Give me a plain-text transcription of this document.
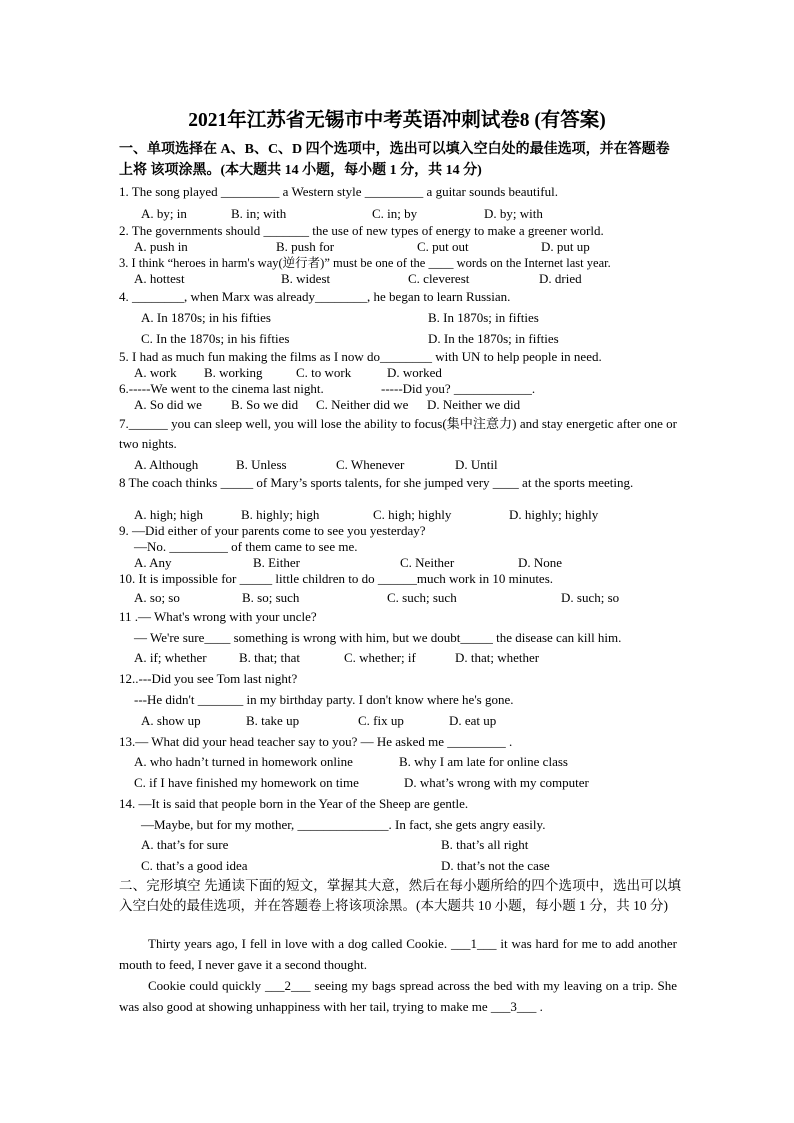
2021年江苏省无锡市中考英语冲刺试卷8 (有答案)
一、单项选择在 A、B、C、D 四个选项中，选出可以填入空白处的最佳选项，并在答题卷上将 该项涂黑。(本大题共 14 小题，每小题 1 分，共 14 分)
1. The song played _________ a Western style _________ a guitar sounds beautiful.
A. by; in	B. in; with	C. in; by	D. by; with
2. The governments should _______ the use of new types of energy to make a greener world.
A. push in	B. push for	C. put out	D. put up
3. I think “heroes in harm's way(逆行者)” must be one of the ____ words on the Internet last year.
A. hottest	B. widest	C. cleverest	D. dried
4. ________, when Marx was already________, he began to learn Russian.
A. In 1870s; in his fifties	B. In 1870s; in fifties
C. In the 1870s; in his fifties	D. In the 1870s; in fifties
5. I had as much fun making the films as I now do________ with UN to help people in need.
A. work B. working	C. to work	D. worked
6.-----We went to the cinema last night.	-----Did you? ____________.
A. So did we B. So we did C. Neither did we D. Neither we did
7.______ you can sleep well, you will lose the ability to focus(集中注意力) and stay energetic after one or two nights.
A. Although	B. Unless	C. Whenever	D. Until
8 The coach thinks _____ of Mary’s sports talents, for she jumped very ____ at the sports meeting.
A. high; high	B. highly; high	C. high; highly	D. highly; highly
9. —Did either of your parents come to see you yesterday?
—No. _________ of them came to see me.
A. Any	B. Either	C. Neither	D. None
10. It is impossible for _____ little children to do ______much work in 10 minutes.
A. so; so	B. so; such	C. such; such	D. such; so
11 .— What's wrong with your uncle?
— We're sure____ something is wrong with him, but we doubt_____ the disease can kill him.
A. if; whether B. that; that	C. whether; if	D. that; whether
12..---Did you see Tom last night?
---He didn't _______ in my birthday party. I don't know where he's gone.
A. show up	B. take up	C. fix up	D. eat up
13.— What did your head teacher say to you? — He asked me _________ .
A. who hadn’t turned in homework online	B. why I am late for online class
C. if I have finished my homework on time	D. what’s wrong with my computer
14. —It is said that people born in the Year of the Sheep are gentle.
—Maybe, but for my mother, ______________. In fact, she gets angry easily.
A. that’s for sure	B. that’s all right
C. that’s a good idea	D. that’s not the case
二、完形填空 先通读下面的短文，掌握其大意，然后在每小题所给的四个选项中，选出可以填 入空白处的最佳选项，并在答题卷上将该项涂黑。(本大题共 10 小题，每小题 1 分，共 10 分)
Thirty years ago, I fell in love with a dog called Cookie. ___1___ it was hard for me to add another mouth to feed, I never gave it a second thought.
Cookie could quickly ___2___ seeing my bags spread across the bed with my leaving on a trip. She was also good at showing unhappiness with her tail, trying to make me ___3___ .
